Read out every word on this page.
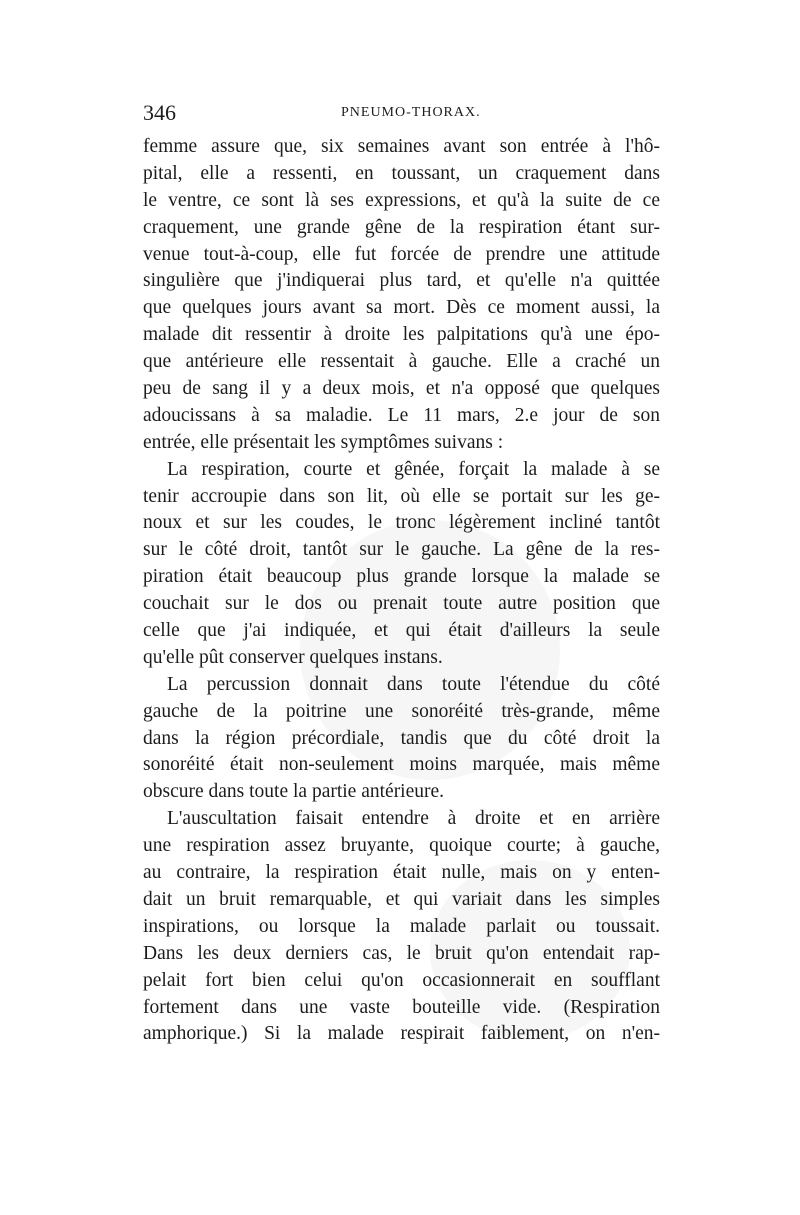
346	PNEUMO-THORAX.
femme assure que, six semaines avant son entrée à l'hô-
pital, elle a ressenti, en toussant, un craquement dans
le ventre, ce sont là ses expressions, et qu'à la suite de ce
craquement, une grande gêne de la respiration étant sur-
venue tout-à-coup, elle fut forcée de prendre une attitude
singulière que j'indiquerai plus tard, et qu'elle n'a quittée
que quelques jours avant sa mort. Dès ce moment aussi, la
malade dit ressentir à droite les palpitations qu'à une épo-
que antérieure elle ressentait à gauche. Elle a craché un
peu de sang il y a deux mois, et n'a opposé que quelques
adoucissans à sa maladie. Le 11 mars, 2.e jour de son
entrée, elle présentait les symptômes suivans :
La respiration, courte et gênée, forçait la malade à se
tenir accroupie dans son lit, où elle se portait sur les ge-
noux et sur les coudes, le tronc légèrement incliné tantôt
sur le côté droit, tantôt sur le gauche. La gêne de la res-
piration était beaucoup plus grande lorsque la malade se
couchait sur le dos ou prenait toute autre position que
celle que j'ai indiquée, et qui était d'ailleurs la seule
qu'elle pût conserver quelques instans.
La percussion donnait dans toute l'étendue du côté
gauche de la poitrine une sonoréité très-grande, même
dans la région précordiale, tandis que du côté droit la
sonoréité était non-seulement moins marquée, mais même
obscure dans toute la partie antérieure.
L'auscultation faisait entendre à droite et en arrière
une respiration assez bruyante, quoique courte; à gauche,
au contraire, la respiration était nulle, mais on y enten-
dait un bruit remarquable, et qui variait dans les simples
inspirations, ou lorsque la malade parlait ou toussait.
Dans les deux derniers cas, le bruit qu'on entendait rap-
pelait fort bien celui qu'on occasionnerait en soufflant
fortement dans une vaste bouteille vide. (Respiration
amphorique.) Si la malade respirait faiblement, on n'en-
